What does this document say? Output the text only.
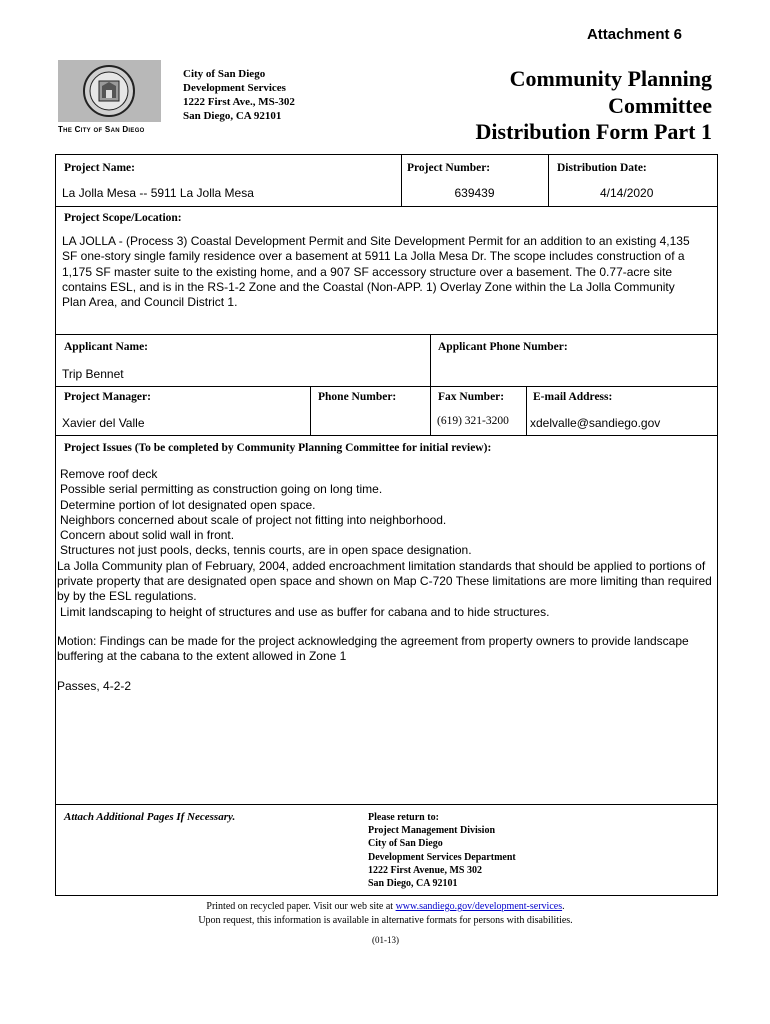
Attachment 6
The City of San Diego
City of San Diego
Development Services
1222 First Ave., MS-302
San Diego, CA 92101
Community Planning
Committee
Distribution Form Part 1
Project Name:
La Jolla Mesa -- 5911 La Jolla Mesa
Project Number:
639439
Distribution Date:
4/14/2020
Project Scope/Location:
LA JOLLA - (Process 3) Coastal Development Permit and Site Development Permit for an addition to an existing 4,135 SF one-story single family residence over a basement at 5911 La Jolla Mesa Dr. The scope includes construction of a 1,175 SF master suite to the existing home, and a 907 SF accessory structure over a basement. The 0.77-acre site contains ESL, and is in the RS-1-2 Zone and the Coastal (Non-APP. 1) Overlay Zone within the La Jolla Community Plan Area, and Council District 1.
Applicant Name:
Trip Bennet
Applicant Phone Number:
Project Manager:
Xavier del Valle
Phone Number:	Fax Number:
(619) 321-3200
E-mail Address:
xdelvalle@sandiego.gov
Project Issues (To be completed by Community Planning Committee for initial review):

Remove roof deck

Possible serial permitting as construction going on long time.

Determine portion of lot designated open space.

Neighbors concerned about scale of project not fitting into neighborhood.

Concern about solid wall in front.

Structures not just pools, decks, tennis courts, are in open space designation.

La Jolla Community plan of February, 2004, added encroachment limitation standards that should be applied to portions of private property that are designated open space and shown on Map C-720 These limitations are more limiting than required by by the ESL regulations.

Limit landscaping to height of structures and use as buffer for cabana and to hide structures.

Motion: Findings can be made for the project acknowledging the agreement from property owners to provide landscape buffering at the cabana to the extent allowed in Zone 1

Passes, 4-2-2

Attach Additional Pages If Necessary.	Please return to:
Project Management Division
City of San Diego
Development Services Department
1222 First Avenue, MS 302
San Diego, CA 92101
Printed on recycled paper. Visit our web site at www.sandiego.gov/development-services.
Upon request, this information is available in alternative formats for persons with disabilities.
(01-13)
